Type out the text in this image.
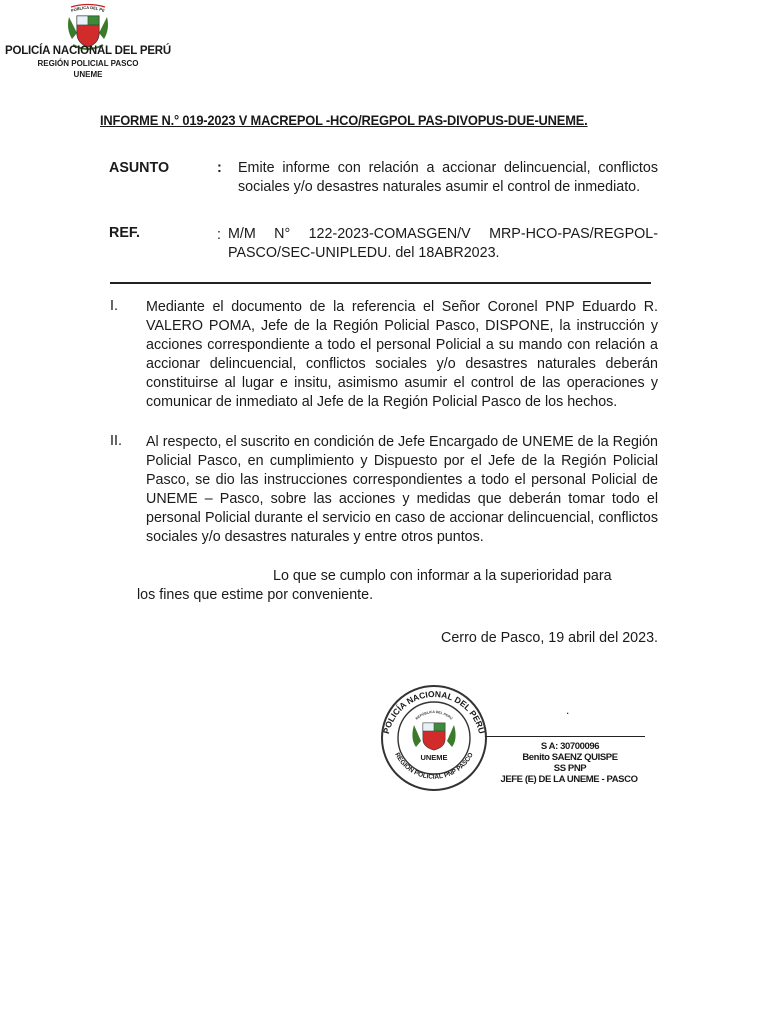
PÚBLICA DEL PE
POLICÍA NACIONAL DEL PERÚ
REGIÓN POLICIAL PASCO
UNEME
INFORME N.° 019-2023 V MACREPOL -HCO/REGPOL PAS-DIVOPUS-DUE-UNEME.
ASUNTO	: Emite informe con relación a accionar delincuencial, conflictos sociales y/o desastres naturales asumir el control de inmediato.
REF.	: M/M N° 122-2023-COMASGEN/V MRP-HCO-PAS/REGPOL-PASCO/SEC-UNIPLEDU. del 18ABR2023.
I. Mediante el documento de la referencia el Señor Coronel PNP Eduardo R. VALERO POMA, Jefe de la Región Policial Pasco, DISPONE, la instrucción y acciones correspondiente a todo el personal Policial a su mando con relación a accionar delincuencial, conflictos sociales y/o desastres naturales deberán constituirse al lugar e insitu, asimismo asumir el control de las operaciones y comunicar de inmediato al Jefe de la Región Policial Pasco de los hechos.
II. Al respecto, el suscrito en condición de Jefe Encargado de UNEME de la Región Policial Pasco, en cumplimiento y Dispuesto por el Jefe de la Región Policial Pasco, se dio las instrucciones correspondientes a todo el personal Policial de UNEME – Pasco, sobre las acciones y medidas que deberán tomar todo el personal Policial durante el servicio en caso de accionar delincuencial, conflictos sociales y/o desastres naturales y entre otros puntos.
Lo que se cumplo con informar a la superioridad para
los fines que estime por conveniente.
Cerro de Pasco, 19 abril del 2023.
POLICÍA NACIONAL DEL PERÚ
REGIÓN POLICIAL PNP PASCO
REPÚBLICA DEL PERÚ
UNEME
.
S A: 30700096
Benito SAENZ QUISPE
SS PNP
JEFE (E) DE LA UNEME - PASCO
